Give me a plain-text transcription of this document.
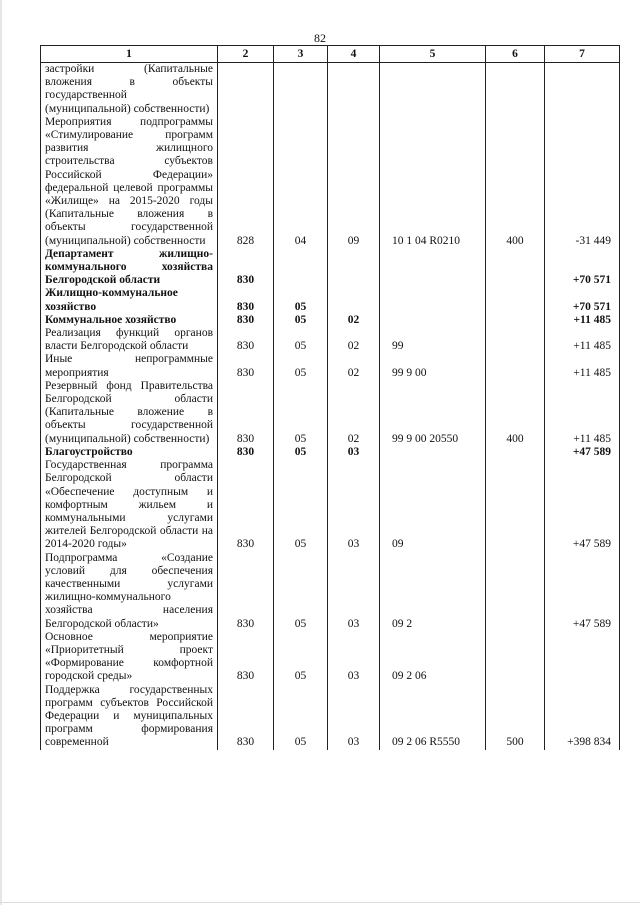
82
1	2	3	4	5	6	7
застройки (Капитальные вложения в объекты государственной (муниципальной) собственности)						
Мероприятия подпрограммы «Стимулирование программ развития жилищного строительства субъектов Российской Федерации» федеральной целевой программы «Жилище» на 2015-2020 годы (Капитальные вложения в объекты государственной (муниципальной) собственности	828	04	09	10 1 04 R0210	400	-31 449
Департамент жилищно-коммунального хозяйства Белгородской области	830					+70 571
Жилищно-коммунальное хозяйство	830	05				+70 571
Коммунальное хозяйство	830	05	02			+11 485
Реализация функций органов власти Белгородской области	830	05	02	99		+11 485
Иные непрограммные мероприятия	830	05	02	99 9 00		+11 485
Резервный фонд Правительства Белгородской области (Капитальные вложение в объекты государственной (муниципальной) собственности)	830	05	02	99 9 00 20550	400	+11 485
Благоустройство	830	05	03			+47 589
Государственная программа Белгородской области «Обеспечение доступным и комфортным жильем и коммунальными услугами жителей Белгородской области на 2014-2020 годы»	830	05	03	09		+47 589
Подпрограмма «Создание условий для обеспечения качественными услугами жилищно-коммунального хозяйства населения Белгородской области»	830	05	03	09 2		+47 589
Основное мероприятие «Приоритетный проект «Формирование комфортной городской среды»	830	05	03	09 2 06		
Поддержка государственных программ субъектов Российской Федерации и муниципальных программ формирования современной	830	05	03	09 2 06 R5550	500	+398 834
